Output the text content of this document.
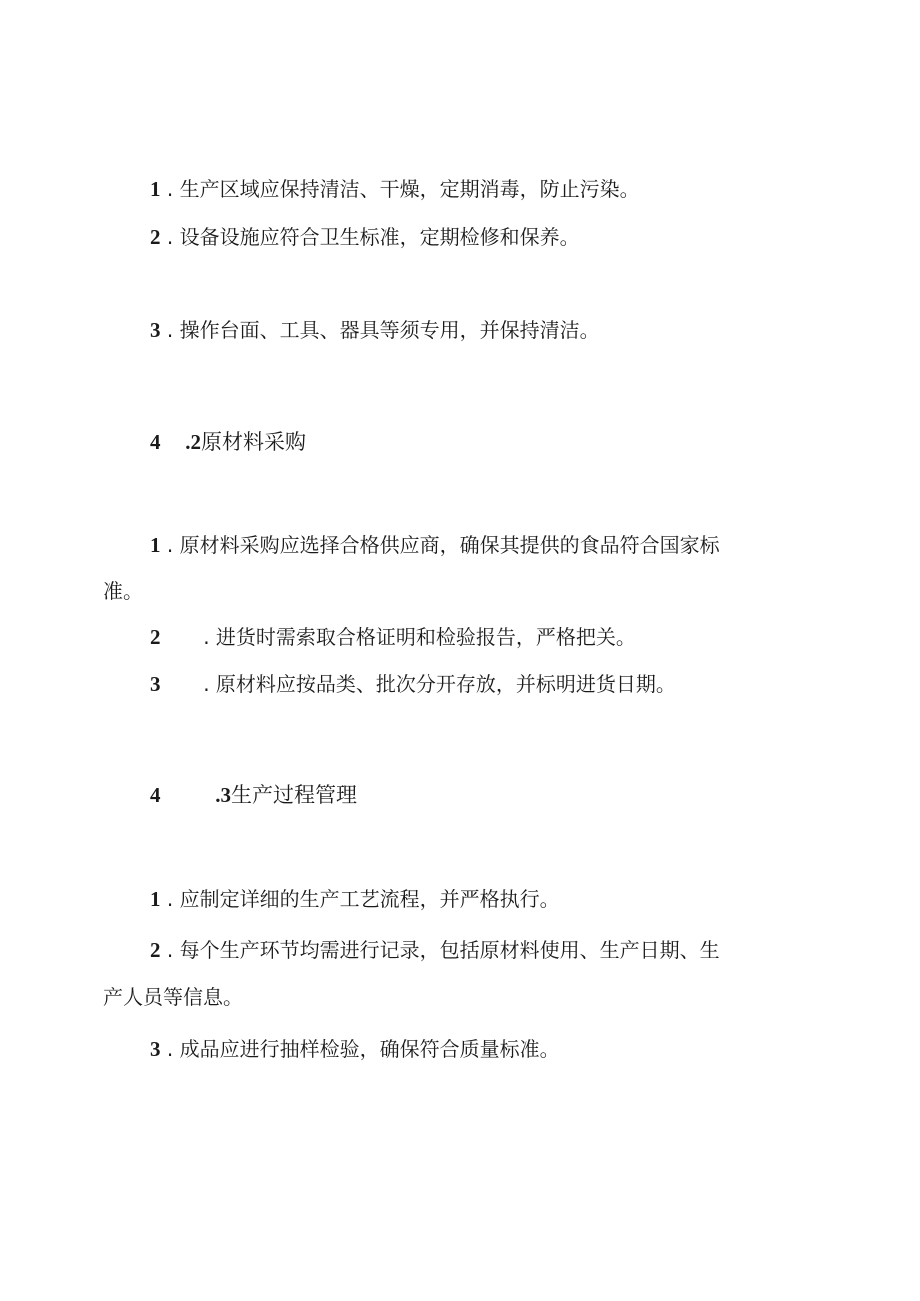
1 . 生产区域应保持清洁、干燥，定期消毒，防止污染。
2 . 设备设施应符合卫生标准，定期检修和保养。
3 . 操作台面、工具、器具等须专用，并保持清洁。
4 .2原材料采购
1 . 原材料采购应选择合格供应商，确保其提供的食品符合国家标
准。
2 . 进货时需索取合格证明和检验报告，严格把关。
3 . 原材料应按品类、批次分开存放，并标明进货日期。
4	.3生产过程管理
1 . 应制定详细的生产工艺流程，并严格执行。
2 . 每个生产环节均需进行记录，包括原材料使用、生产日期、生
产人员等信息。
3 . 成品应进行抽样检验，确保符合质量标准。
